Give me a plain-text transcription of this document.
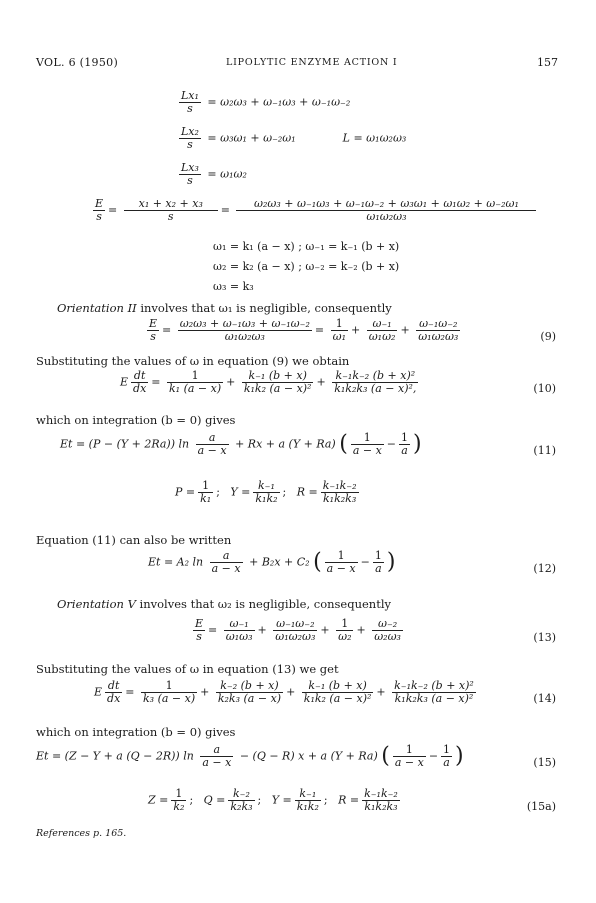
VOL. 6 (1950)	LIPOLYTIC ENZYME ACTION I	157
$\frac{\text{Lx₁}}{s} = \omega_2\omega_3 + \omega_{-1}\omega_3 + \omega_{-1}\omega_{-2}$
$\frac{\text{Lx₂}}{s} = \omega_3\omega_1 + \omega_{-2}\omega_1$	L = ω₁ω₂ω₃
$\frac{\text{Lx₃}}{s} = \omega_1\omega_2$
$\frac{E}{s} = \frac{\text{x₁ + x₂ + x₃}}{s} = \frac{\text{ω₂ω₃ + ω₋₁ω₃ + ω₋₁ω₋₂ + ω₃ω₁ + ω₁ω₂ + ω₋₂ω₁}}{\text{ω₁ω₂ω₃}}$
ω₁ = k₁ (a − x) ; ω₋₁ = k₋₁ (b + x)
ω₂ = k₂ (a − x) ; ω₋₂ = k₋₂ (b + x)
ω₃ = k₃
Orientation II involves that ω₁ is negligible, consequently
$\frac{E}{s} = \frac{\text{ω₂ω₃ + ω₋₁ω₃ + ω₋₁ω₋₂}}{\text{ω₁ω₂ω₃}} = \frac{1}{\text{ω₁}} + \frac{\text{ω₋₁}}{\text{ω₁ω₂}} + \frac{\text{ω₋₁ω₋₂}}{\text{ω₁ω₂ω₃}}$	(9)
Substituting the values of ω in equation (9) we obtain
E $\frac{dt}{dx} = \frac{1}{\text{k₁ (a − x)}} + \frac{\text{k₋₁ (b + x)}}{\text{k₁k₂ (a − x)²}} + \frac{\text{k₋₁k₋₂ (b + x)²}}{\text{k₁k₂k₃ (a − x)²,}}$	(10)
which on integration (b = 0) gives
Et = (P − (Y + 2Ra)) $\ln \frac{a}{a - x} + Rx + a$ (Y + Ra) ( $\frac{1}{a - x} - \frac{1}{a}$ )	(11)
$P = \frac{1}{\text{k₁}}$ ;   $Y = \frac{\text{k₋₁}}{\text{k₁k₂}}$ ;   $R = \frac{\text{k₋₁k₋₂}}{\text{k₁k₂k₃}}$
Equation (11) can also be written
Et = A₂ $\ln \frac{a}{a - x} + B_2x + C_2$ ( $\frac{1}{a - x} - \frac{1}{a}$ )	(12)
Orientation V involves that ω₂ is negligible, consequently
$\frac{E}{s} = \frac{\text{ω₋₁}}{\text{ω₁ω₃}} + \frac{\text{ω₋₁ω₋₂}}{\text{ω₁ω₂ω₃}} + \frac{1}{\text{ω₂}} + \frac{\text{ω₋₂}}{\text{ω₂ω₃}}$	(13)
Substituting the values of ω in equation (13) we get
E $\frac{dt}{dx} = \frac{1}{\text{k₃ (a − x)}} + \frac{\text{k₋₂ (b + x)}}{\text{k₂k₃ (a − x)}} + \frac{\text{k₋₁ (b + x)}}{\text{k₁k₂ (a − x)²}} + \frac{\text{k₋₁k₋₂ (b + x)²}}{\text{k₁k₂k₃ (a − x)²}}$	(14)
which on integration (b = 0) gives
Et = (Z − Y + a (Q − 2R)) $\ln \frac{a}{a - x} - (Q - R) x + a$ (Y + Ra) ( $\frac{1}{a - x} - \frac{1}{a}$ )	(15)
$Z = \frac{1}{\text{k₂}}$ ;   $Q = \frac{\text{k₋₂}}{\text{k₂k₃}}$ ;   $Y = \frac{\text{k₋₁}}{\text{k₁k₂}}$ ;   $R = \frac{\text{k₋₁k₋₂}}{\text{k₁k₂k₃}}$	(15a)
References p. 165.
